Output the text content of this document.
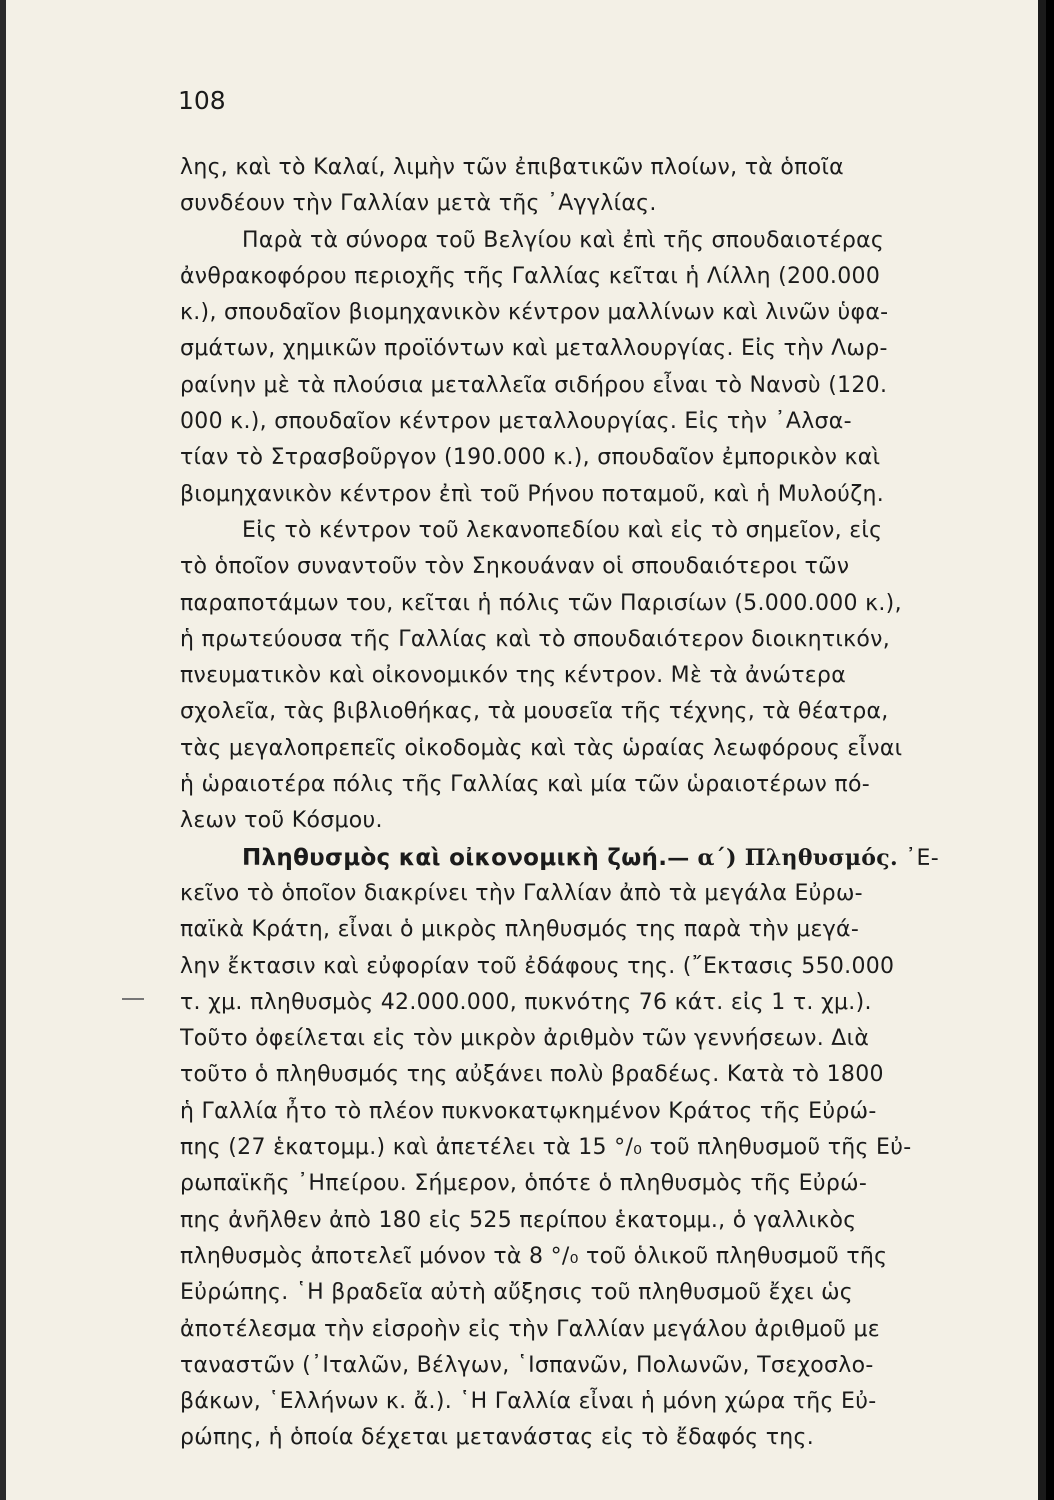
108
λης, καὶ τὸ Καλαί, λιμὴν τῶν ἐπιβατικῶν πλοίων, τὰ ὁποῖα
συνδέουν τὴν Γαλλίαν μετὰ τῆς ᾿Αγγλίας.
Παρὰ τὰ σύνορα τοῦ Βελγίου καὶ ἐπὶ τῆς σπουδαιοτέρας
ἀνθρακοφόρου περιοχῆς τῆς Γαλλίας κεῖται ἡ Λίλλη (200.000
κ.), σπουδαῖον βιομηχανικὸν κέντρον μαλλίνων καὶ λινῶν ὑφα-
σμάτων, χημικῶν προϊόντων καὶ μεταλλουργίας. Εἰς τὴν Λωρ-
ραίνην μὲ τὰ πλούσια μεταλλεῖα σιδήρου εἶναι τὸ Νανσὺ (120.
000 κ.), σπουδαῖον κέντρον μεταλλουργίας. Εἰς τὴν ᾿Αλσα-
τίαν τὸ Στρασβοῦργον (190.000 κ.), σπουδαῖον ἐμπορικὸν καὶ
βιομηχανικὸν κέντρον ἐπὶ τοῦ Ρήνου ποταμοῦ, καὶ ἡ Μυλούζη.
Εἰς τὸ κέντρον τοῦ λεκανοπεδίου καὶ εἰς τὸ σημεῖον, εἰς
τὸ ὁποῖον συναντοῦν τὸν Σηκουάναν οἱ σπουδαιότεροι τῶν
παραποτάμων του, κεῖται ἡ πόλις τῶν Παρισίων (5.000.000 κ.),
ἡ πρωτεύουσα τῆς Γαλλίας καὶ τὸ σπουδαιότερον διοικητικόν,
πνευματικὸν καὶ οἰκονομικόν της κέντρον. Μὲ τὰ ἀνώτερα
σχολεῖα, τὰς βιβλιοθήκας, τὰ μουσεῖα τῆς τέχνης, τὰ θέατρα,
τὰς μεγαλοπρεπεῖς οἰκοδομὰς καὶ τὰς ὡραίας λεωφόρους εἶναι
ἡ ὡραιοτέρα πόλις τῆς Γαλλίας καὶ μία τῶν ὡραιοτέρων πό-
λεων τοῦ Κόσμου.
Πληθυσμὸς καὶ οἰκονομικὴ ζωή.— α΄) Πληθυσμός. ᾿Ε-
κεῖνο τὸ ὁποῖον διακρίνει τὴν Γαλλίαν ἀπὸ τὰ μεγάλα Εὐρω-
παϊκὰ Κράτη, εἶναι ὁ μικρὸς πληθυσμός της παρὰ τὴν μεγά-
λην ἔκτασιν καὶ εὐφορίαν τοῦ ἐδάφους της. (῎Εκτασις 550.000
τ. χμ. πληθυσμὸς 42.000.000, πυκνότης 76 κάτ. εἰς 1 τ. χμ.).
Τοῦτο ὀφείλεται εἰς τὸν μικρὸν ἀριθμὸν τῶν γεννήσεων. Διὰ
τοῦτο ὁ πληθυσμός της αὐξάνει πολὺ βραδέως. Κατὰ τὸ 1800
ἡ Γαλλία ἦτο τὸ πλέον πυκνοκατῳκημένον Κράτος τῆς Εὐρώ-
πης (27 ἑκατομμ.) καὶ ἀπετέλει τὰ 15 °/₀ τοῦ πληθυσμοῦ τῆς Εὐ-
ρωπαϊκῆς ᾿Ηπείρου. Σήμερον, ὁπότε ὁ πληθυσμὸς τῆς Εὐρώ-
πης ἀνῆλθεν ἀπὸ 180 εἰς 525 περίπου ἑκατομμ., ὁ γαλλικὸς
πληθυσμὸς ἀποτελεῖ μόνον τὰ 8 °/₀ τοῦ ὁλικοῦ πληθυσμοῦ τῆς
Εὐρώπης. ῾Η βραδεῖα αὐτὴ αὔξησις τοῦ πληθυσμοῦ ἔχει ὡς
ἀποτέλεσμα τὴν εἰσροὴν εἰς τὴν Γαλλίαν μεγάλου ἀριθμοῦ με
ταναστῶν (᾿Ιταλῶν, Βέλγων, ῾Ισπανῶν, Πολωνῶν, Τσεχοσλο-
βάκων, ῾Ελλήνων κ. ἄ.). ῾Η Γαλλία εἶναι ἡ μόνη χώρα τῆς Εὐ-
ρώπης, ἡ ὁποία δέχεται μετανάστας εἰς τὸ ἔδαφός της.
